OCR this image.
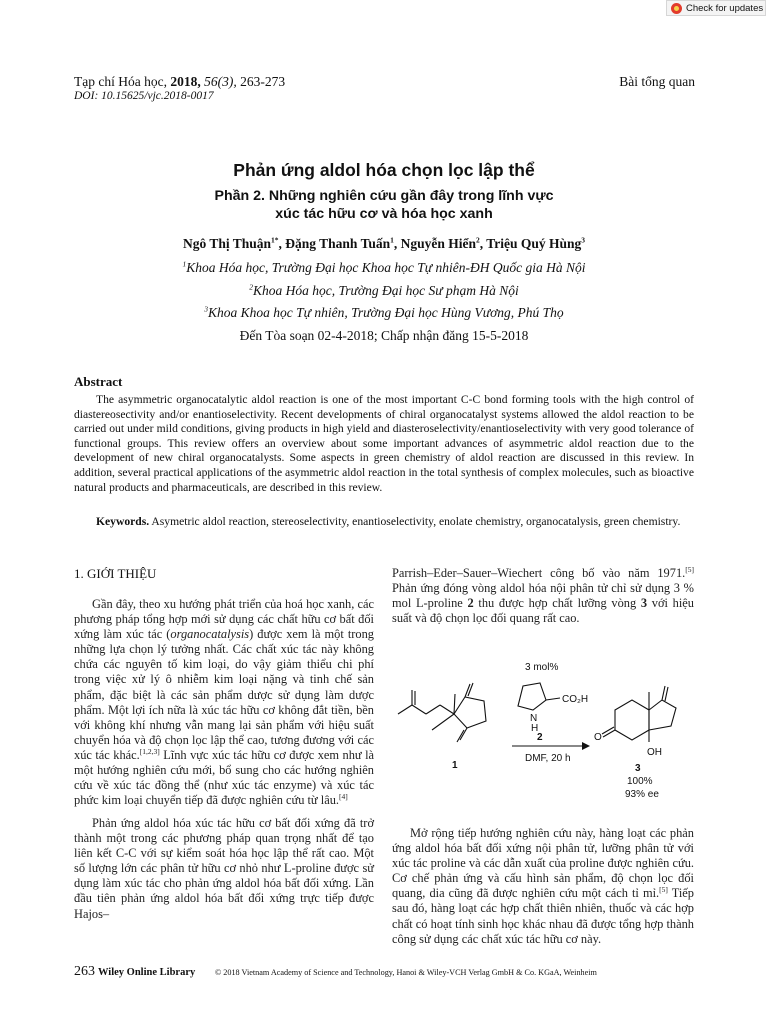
Check for updates
Tạp chí Hóa học, 2018, 56(3), 263-273
DOI: 10.15625/vjc.2018-0017
Bài tổng quan
Phản ứng aldol hóa chọn lọc lập thể
Phần 2. Những nghiên cứu gần đây trong lĩnh vực
xúc tác hữu cơ và hóa học xanh
Ngô Thị Thuận$^{1*}$, Đặng Thanh Tuấn$^1$, Nguyễn Hiển$^2$, Triệu Quý Hùng$^3$
$^1$Khoa Hóa học, Trường Đại học Khoa học Tự nhiên-ĐH Quốc gia Hà Nội
$^2$Khoa Hóa học, Trường Đại học Sư phạm Hà Nội
$^3$Khoa Khoa học Tự nhiên, Trường Đại học Hùng Vương, Phú Thọ
Đến Tòa soạn 02-4-2018; Chấp nhận đăng 15-5-2018
Abstract

The asymmetric organocatalytic aldol reaction is one of the most important C-C bond forming tools with the high control of diastereosectivity and/or enantioselectivity. Recent developments of chiral organocatalyst systems allowed the aldol reaction to be carried out under mild conditions, giving products in high yield and diasteroselectivity/enantioselectivity with very good tolerance of functional groups. This review offers an overview about some important advances of asymmetric aldol reaction due to the development of new chiral organocatalysts. Some aspects in green chemistry of aldol reaction are discussed in this review. In addition, several practical applications of the asymmetric aldol reaction in the total synthesis of complex molecules, such as bioactive natural products and pharmaceuticals, are described in this review.

Keywords. Asymetric aldol reaction, stereoselectivity, enantioselectivity, enolate chemistry, organocatalysis, green chemistry.

1. GIỚI THIỆU

Gần đây, theo xu hướng phát triển của hoá học xanh, các phương pháp tổng hợp mới sử dụng các chất hữu cơ bất đối xứng làm xúc tác (organocatalysis) được xem là một trong những lựa chọn lý tưởng nhất. Các chất xúc tác này không chứa các nguyên tố kim loại, do vậy giảm thiểu chi phí trong việc xử lý ô nhiễm kim loại nặng và tinh chế sản phẩm, đặc biệt là các sản phẩm dược sử dụng làm dược phẩm. Một lợi ích nữa là xúc tác hữu cơ không đắt tiền, bền với không khí nhưng vẫn mang lại sản phẩm với hiệu suất chuyển hóa và độ chọn lọc lập thể cao, tương đương với các xúc tác khác.[1,2,3] Lĩnh vực xúc tác hữu cơ được xem như là một hướng nghiên cứu mới, bổ sung cho các hướng nghiên cứu về xúc tác đồng thể (như xúc tác enzyme) và xúc tác phức kim loại chuyển tiếp đã được nghiên cứu từ lâu.[4]

Phản ứng aldol hóa xúc tác hữu cơ bất đối xứng đã trở thành một trong các phương pháp quan trọng nhất để tạo liên kết C-C với sự kiểm soát hóa học lập thể rất cao. Một số lượng lớn các phân tử hữu cơ nhỏ như L-proline được sử dụng làm xúc tác cho phản ứng aldol hóa bất đối xứng. Lần đầu tiên phản ứng aldol hóa bất đối xứng trực tiếp được Hajos–

Parrish–Eder–Sauer–Wiechert công bố vào năm 1971.[5] Phản ứng đóng vòng aldol hóa nội phân tử chỉ sử dụng 3 % mol L-proline 2 thu được hợp chất lưỡng vòng 3 với hiệu suất và độ chọn lọc đối quang rất cao.

1
3 mol%
N
H
CO₂H
2
DMF, 20 h
O
OH
3
100%
93% ee

Mở rộng tiếp hướng nghiên cứu này, hàng loạt các phản ứng aldol hóa bất đối xứng nội phân tử, lưỡng phân tử với xúc tác proline và các dẫn xuất của proline được nghiên cứu. Cơ chế phản ứng và cấu hình sản phẩm, độ chọn lọc đối quang, dia cũng đã được nghiên cứu một cách tỉ mỉ.[5] Tiếp sau đó, hàng loạt các hợp chất thiên nhiên, thuốc và các hợp chất có hoạt tính sinh học khác nhau đã được tổng hợp thành công sử dụng các chất xúc tác hữu cơ này.

263 Wiley Online Library © 2018 Vietnam Academy of Science and Technology, Hanoi & Wiley-VCH Verlag GmbH & Co. KGaA, Weinheim
